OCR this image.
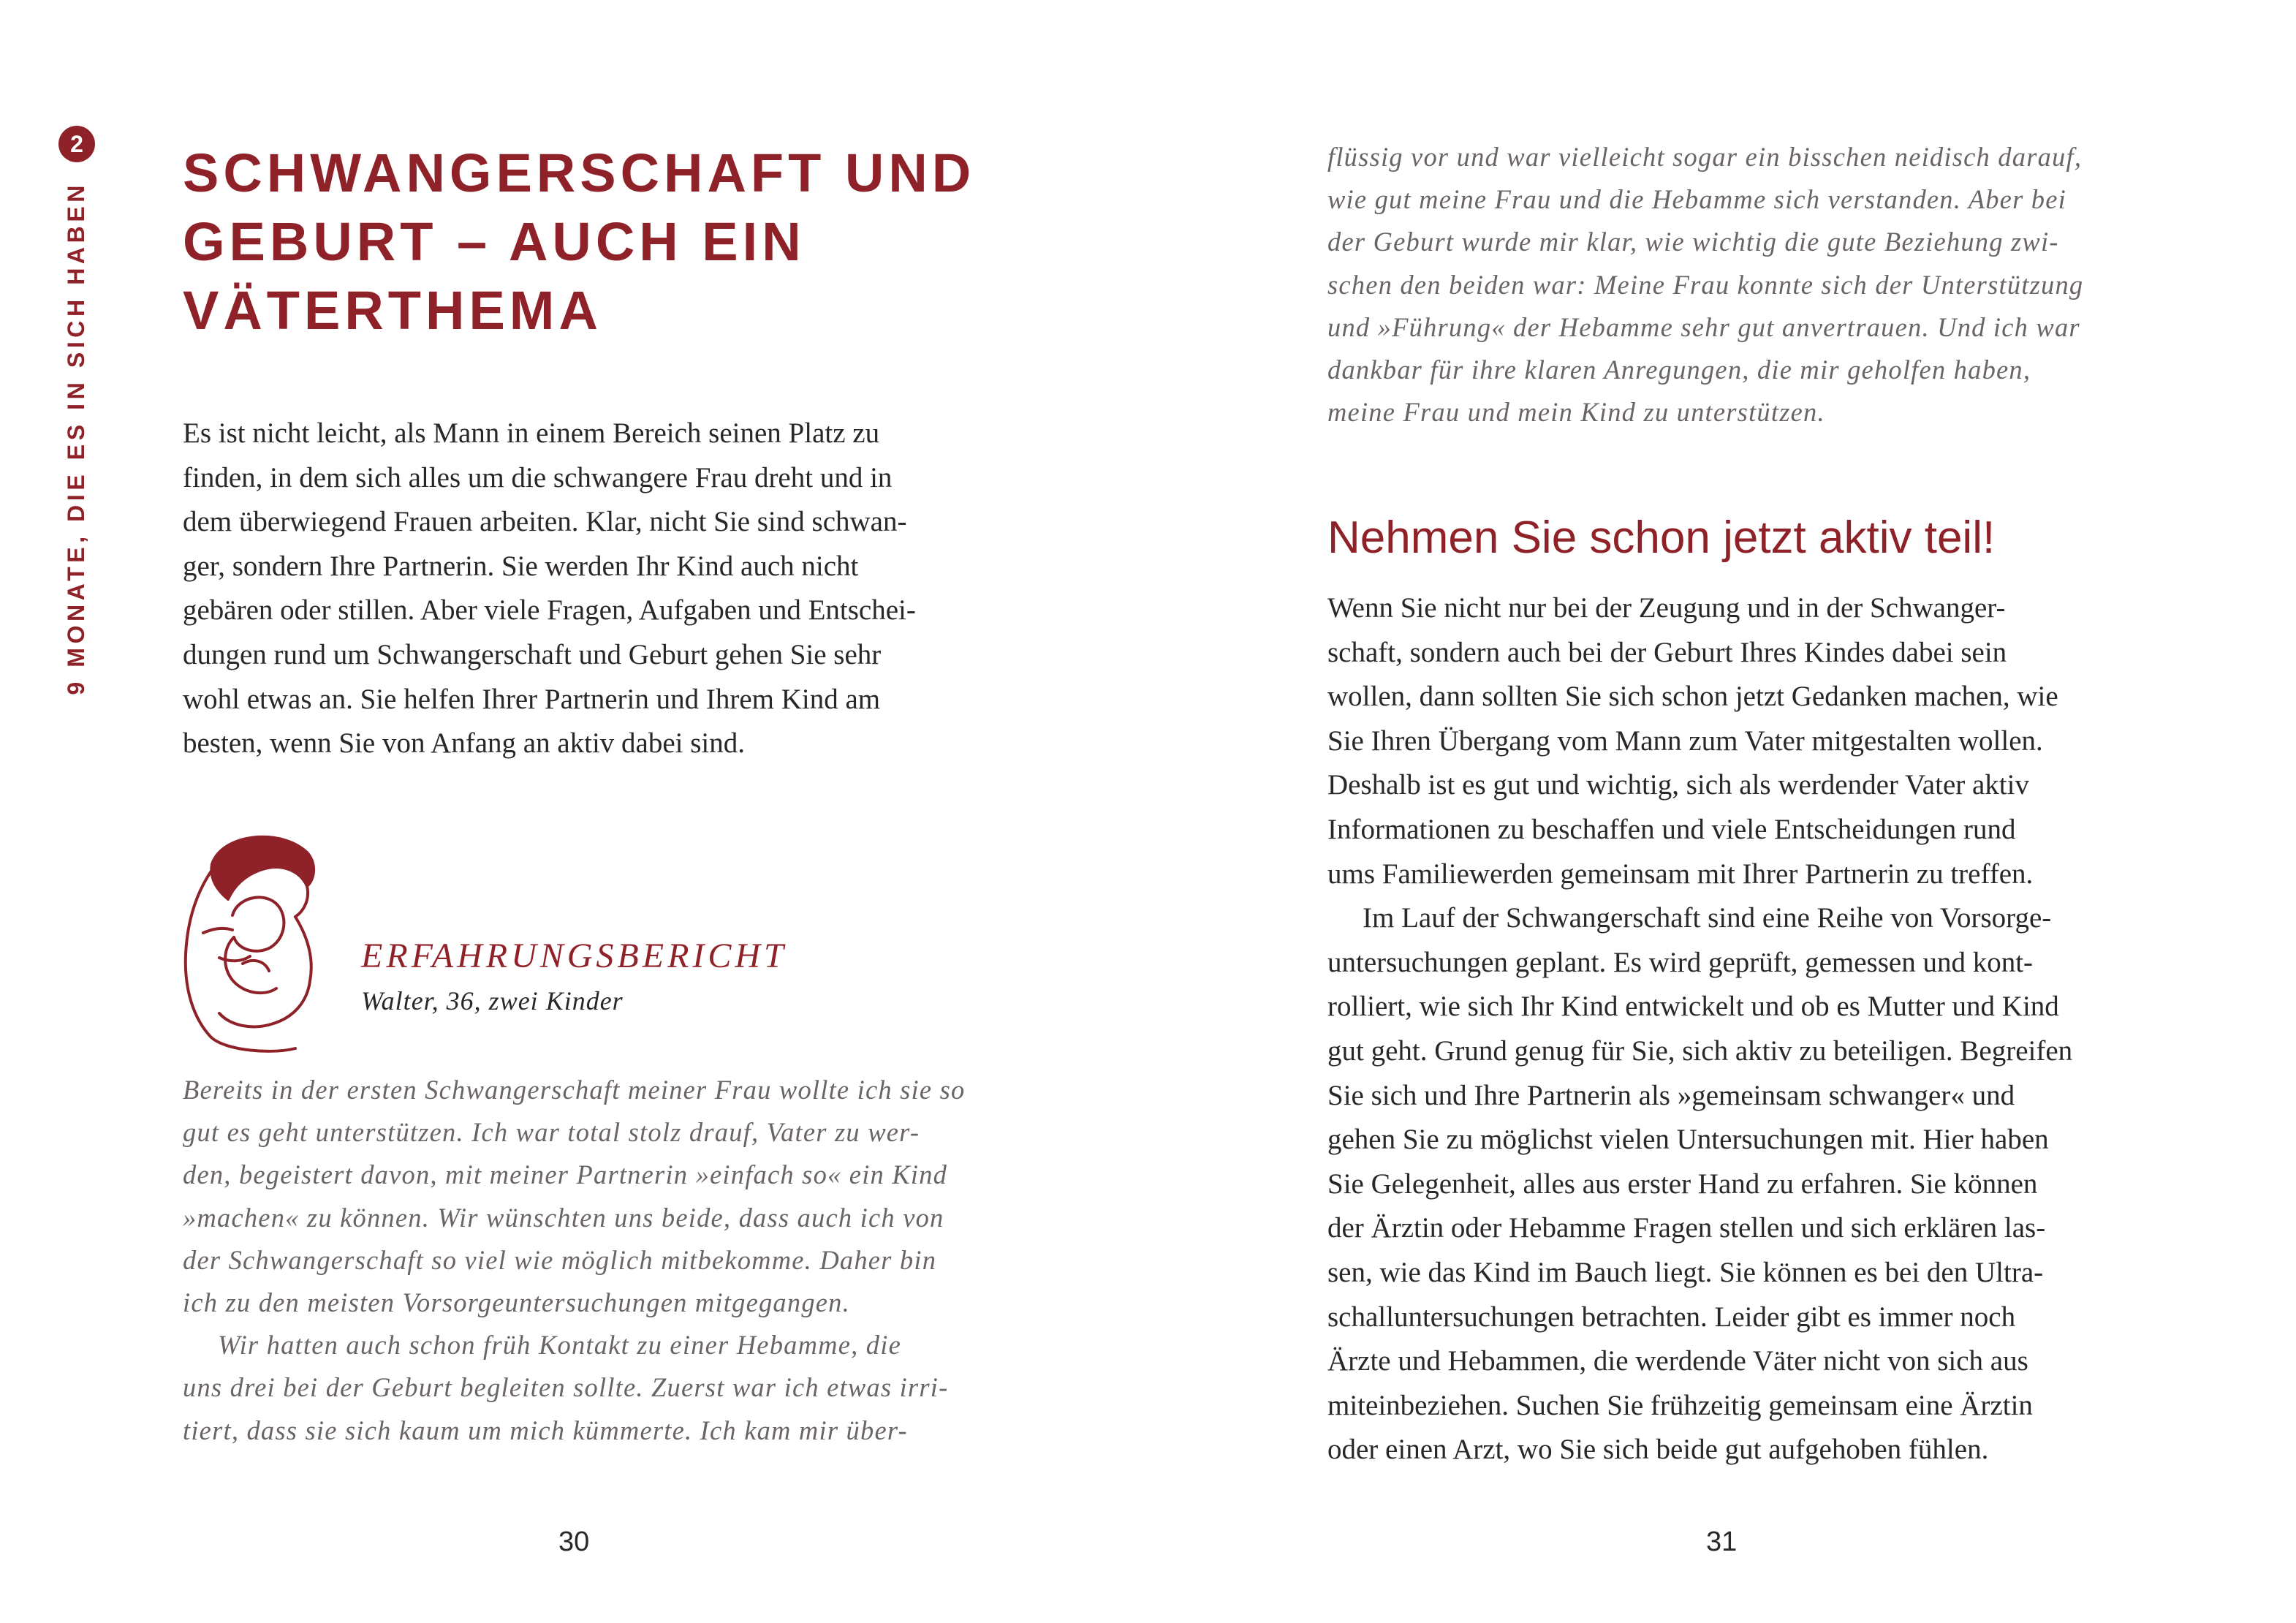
2
9 MONATE, DIE ES IN SICH HABEN
SCHWANGERSCHAFT UND GEBURT – AUCH EIN VÄTERTHEMA

Es ist nicht leicht, als Mann in einem Bereich seinen Platz zu
finden, in dem sich alles um die schwangere Frau dreht und in
dem überwiegend Frauen arbeiten. Klar, nicht Sie sind schwan-
ger, sondern Ihre Partnerin. Sie werden Ihr Kind auch nicht
gebären oder stillen. Aber viele Fragen, Aufgaben und Entschei-
dungen rund um Schwangerschaft und Geburt gehen Sie sehr
wohl etwas an. Sie helfen Ihrer Partnerin und Ihrem Kind am
besten, wenn Sie von Anfang an aktiv dabei sind.

ERFAHRUNGSBERICHT
Walter, 36, zwei Kinder

Bereits in der ersten Schwangerschaft meiner Frau wollte ich sie so
gut es geht unterstützen. Ich war total stolz drauf, Vater zu wer-
den, begeistert davon, mit meiner Partnerin »einfach so« ein Kind
»machen« zu können. Wir wünschten uns beide, dass auch ich von
der Schwangerschaft so viel wie möglich mitbekomme. Daher bin
ich zu den meisten Vorsorgeuntersuchungen mitgegangen.

Wir hatten auch schon früh Kontakt zu einer Hebamme, die
uns drei bei der Geburt begleiten sollte. Zuerst war ich etwas irri-
tiert, dass sie sich kaum um mich kümmerte. Ich kam mir über-

30

flüssig vor und war vielleicht sogar ein bisschen neidisch darauf,
wie gut meine Frau und die Hebamme sich verstanden. Aber bei
der Geburt wurde mir klar, wie wichtig die gute Beziehung zwi-
schen den beiden war: Meine Frau konnte sich der Unterstützung
und »Führung« der Hebamme sehr gut anvertrauen. Und ich war
dankbar für ihre klaren Anregungen, die mir geholfen haben,
meine Frau und mein Kind zu unterstützen.

Nehmen Sie schon jetzt aktiv teil!

Wenn Sie nicht nur bei der Zeugung und in der Schwanger-
schaft, sondern auch bei der Geburt Ihres Kindes dabei sein
wollen, dann sollten Sie sich schon jetzt Gedanken machen, wie
Sie Ihren Übergang vom Mann zum Vater mitgestalten wollen.
Deshalb ist es gut und wichtig, sich als werdender Vater aktiv
Informationen zu beschaffen und viele Entscheidungen rund
ums Familiewerden gemeinsam mit Ihrer Partnerin zu treffen.

Im Lauf der Schwangerschaft sind eine Reihe von Vorsorge-
untersuchungen geplant. Es wird geprüft, gemessen und kont-
rolliert, wie sich Ihr Kind entwickelt und ob es Mutter und Kind
gut geht. Grund genug für Sie, sich aktiv zu beteiligen. Begreifen
Sie sich und Ihre Partnerin als »gemeinsam schwanger« und
gehen Sie zu möglichst vielen Untersuchungen mit. Hier haben
Sie Gelegenheit, alles aus erster Hand zu erfahren. Sie können
der Ärztin oder Hebamme Fragen stellen und sich erklären las-
sen, wie das Kind im Bauch liegt. Sie können es bei den Ultra-
schalluntersuchungen betrachten. Leider gibt es immer noch
Ärzte und Hebammen, die werdende Väter nicht von sich aus
miteinbeziehen. Suchen Sie frühzeitig gemeinsam eine Ärztin
oder einen Arzt, wo Sie sich beide gut aufgehoben fühlen.

31
